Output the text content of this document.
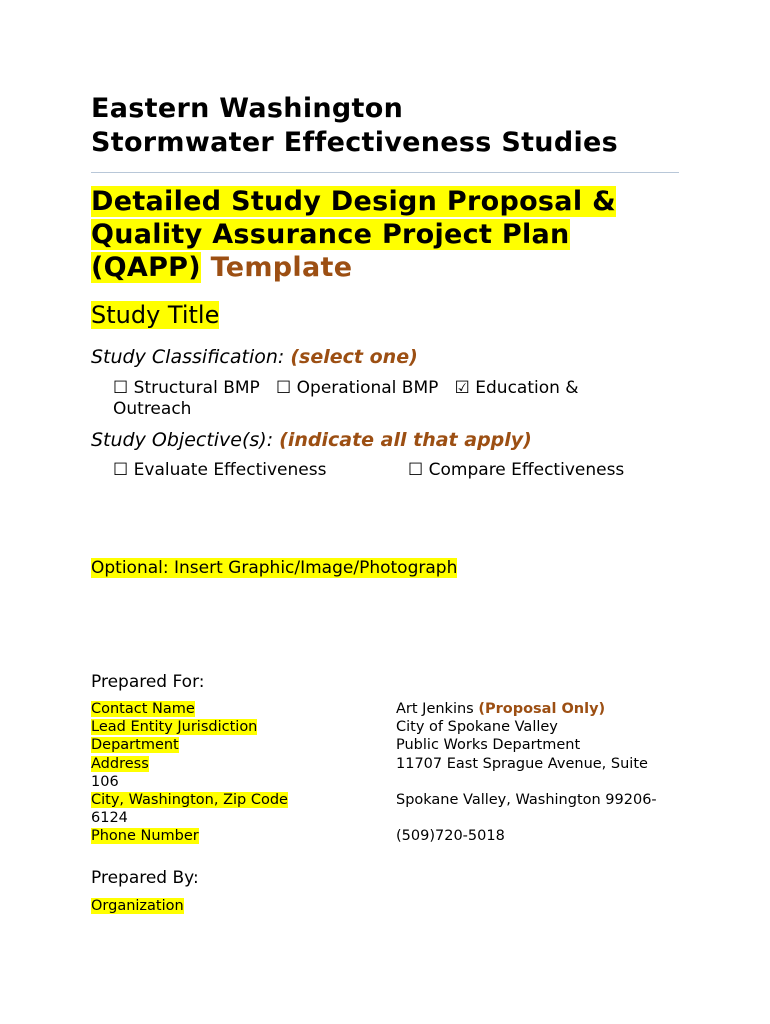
Eastern Washington
Stormwater Effectiveness Studies
Detailed Study Design Proposal &
Quality Assurance Project Plan
(QAPP) Template
Study Title
Study Classification: (select one)
☐ Structural BMP ☐ Operational BMP ☑ Education &
Outreach
Study Objective(s): (indicate all that apply)
☐ Evaluate Effectiveness	☐ Compare Effectiveness
Optional: Insert Graphic/Image/Photograph
Prepared For:
Contact Name
Lead Entity Jurisdiction
Department
Address
106
City, Washington, Zip Code
6124
Phone Number
Art Jenkins (Proposal Only)
City of Spokane Valley
Public Works Department
11707 East Sprague Avenue, Suite

Spokane Valley, Washington 99206-

(509)720-5018
Prepared By:
Organization
